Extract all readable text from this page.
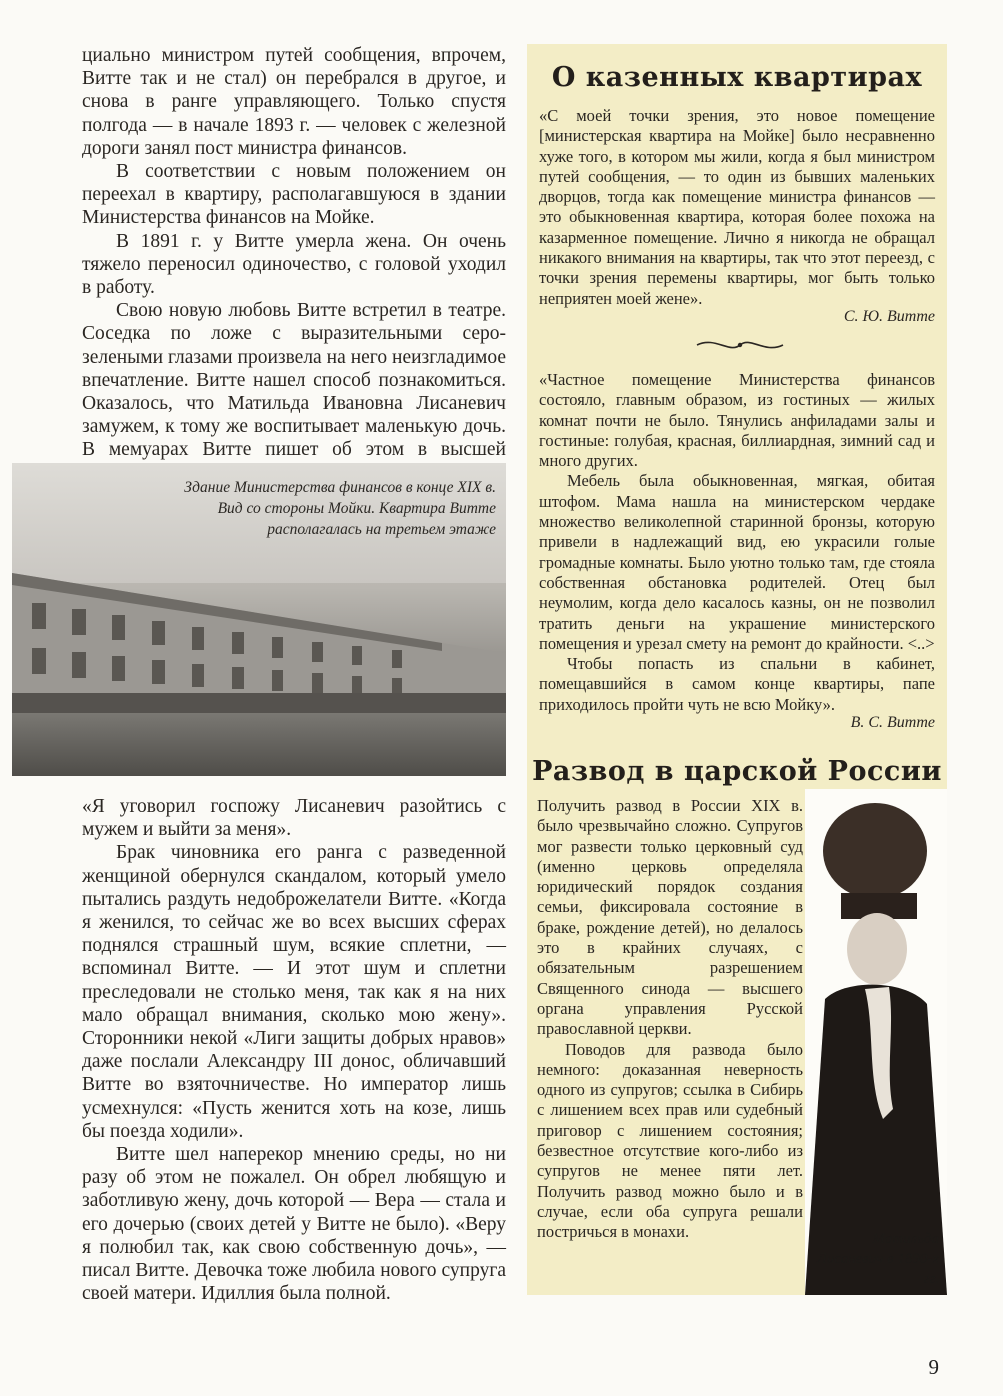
циально министром путей сообщения, впрочем, Витте так и не стал) он перебрался в другое, и снова в ранге управляющего. Только спустя полгода — в начале 1893 г. — человек с железной дороги занял пост министра финансов.

В соответствии с новым положением он переехал в квартиру, располагавшуюся в здании Министерства финансов на Мойке.

В 1891 г. у Витте умерла жена. Он очень тяжело переносил одиночество, с головой уходил в работу.

Свою новую любовь Витте встретил в театре. Соседка по ложе с выразительными серо-зелеными глазами произвела на него неизгладимое впечатление. Витте нашел способ познакомиться. Оказалось, что Матильда Ивановна Лисаневич замужем, к тому же воспитывает маленькую дочь. В мемуарах Витте пишет об этом в высшей

Здание Министерства финансов в конце XIX в. Вид со стороны Мойки. Квартира Витте располагалась на третьем этаже

«Я уговорил госпожу Лисаневич разойтись с мужем и выйти за меня».

Брак чиновника его ранга с разведенной женщиной обернулся скандалом, который умело пытались раздуть недоброжелатели Витте. «Когда я женился, то сейчас же во всех высших сферах поднялся страшный шум, всякие сплетни, — вспоминал Витте. — И этот шум и сплетни преследовали не столько меня, так как я на них мало обращал внимания, сколько мою жену». Сторонники некой «Лиги защиты добрых нравов» даже послали Александру III донос, обличавший Витте во взяточничестве. Но император лишь усмехнулся: «Пусть женится хоть на козе, лишь бы поезда ходили».

Витте шел наперекор мнению среды, но ни разу об этом не пожалел. Он обрел любящую и заботливую жену, дочь которой — Вера — стала и его дочерью (своих детей у Витте не было). «Веру я полюбил так, как свою собственную дочь», — писал Витте. Девочка тоже любила нового супруга своей матери. Идиллия была полной.

О казенных квартирах

«С моей точки зрения, это новое помещение [министерская квартира на Мойке] было несравненно хуже того, в котором мы жили, когда я был министром путей сообщения, — то один из бывших маленьких дворцов, тогда как помещение министра финансов — это обыкновенная квартира, которая более похожа на казарменное помещение. Лично я никогда не обращал никакого внимания на квартиры, так что этот переезд, с точки зрения перемены квартиры, мог быть только неприятен моей жене».

С. Ю. Витте

«Частное помещение Министерства финансов состояло, главным образом, из гостиных — жилых комнат почти не было. Тянулись анфиладами залы и гостиные: голубая, красная, биллиардная, зимний сад и много других.

Мебель была обыкновенная, мягкая, обитая штофом. Мама нашла на министерском чердаке множество великолепной старинной бронзы, которую привели в надлежащий вид, ею украсили голые громадные комнаты. Было уютно только там, где стояла собственная обстановка родителей. Отец был неумолим, когда дело касалось казны, он не позволил тратить деньги на украшение министерского помещения и урезал смету на ремонт до крайности. <..>

Чтобы попасть из спальни в кабинет, помещавшийся в самом конце квартиры, папе приходилось пройти чуть не всю Мойку».

В. С. Витте

Развод в царской России

Получить развод в России XIX в. было чрезвычайно сложно. Супругов мог развести только церковный суд (именно церковь определяла юридический порядок создания семьи, фиксировала состояние в браке, рождение детей), но делалось это в крайних случаях, с обязательным разрешением Священного синода — высшего органа управления Русской православной церкви.

Поводов для развода было немного: доказанная неверность одного из супругов; ссылка в Сибирь с лишением всех прав или судебный приговор с лишением состояния; безвестное отсутствие кого-либо из супругов не менее пяти лет. Получить развод можно было и в случае, если оба супруга решали постричься в монахи.	Матильда Лисаневич в 1890-х гг.
9
